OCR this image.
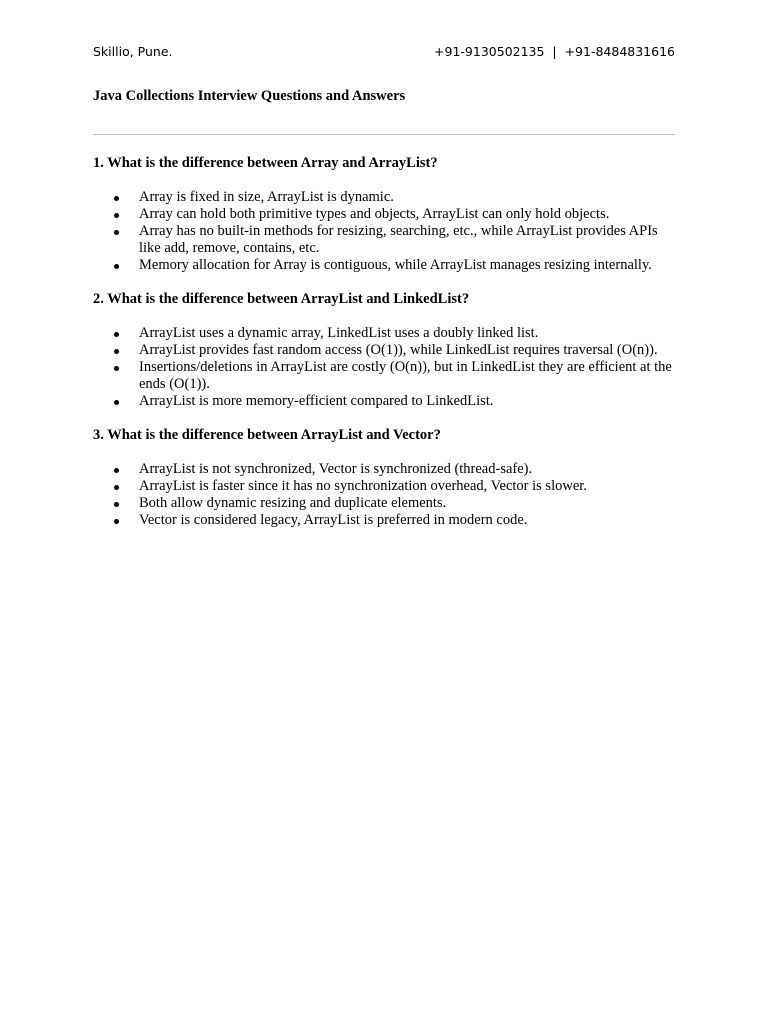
Skillio, Pune.	+91-9130502135  |  +91-8484831616
Java Collections Interview Questions and Answers
1. What is the difference between Array and ArrayList?
Array is fixed in size, ArrayList is dynamic.
Array can hold both primitive types and objects, ArrayList can only hold objects.
Array has no built-in methods for resizing, searching, etc., while ArrayList provides APIs like add, remove, contains, etc.
Memory allocation for Array is contiguous, while ArrayList manages resizing internally.
2. What is the difference between ArrayList and LinkedList?
ArrayList uses a dynamic array, LinkedList uses a doubly linked list.
ArrayList provides fast random access (O(1)), while LinkedList requires traversal (O(n)).
Insertions/deletions in ArrayList are costly (O(n)), but in LinkedList they are efficient at the ends (O(1)).
ArrayList is more memory-efficient compared to LinkedList.
3. What is the difference between ArrayList and Vector?
ArrayList is not synchronized, Vector is synchronized (thread-safe).
ArrayList is faster since it has no synchronization overhead, Vector is slower.
Both allow dynamic resizing and duplicate elements.
Vector is considered legacy, ArrayList is preferred in modern code.
